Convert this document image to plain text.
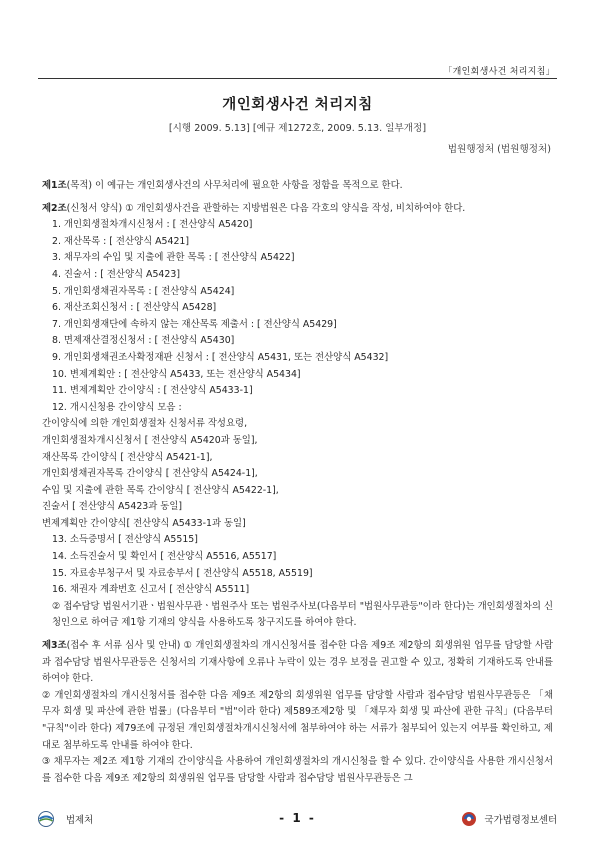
「개인회생사건 처리지침」
개인회생사건 처리지침
[시행 2009. 5.13] [예규 제1272호, 2009. 5.13. 일부개정]
법원행정처 (법원행정처)
제1조(목적) 이 예규는 개인회생사건의 사무처리에 필요한 사항을 정함을 목적으로 한다.
제2조(신청서 양식) ① 개인회생사건을 관할하는 지방법원은 다음 각호의 양식을 작성, 비치하여야 한다.
1. 개인회생절차개시신청서 : [ 전산양식 A5420]
2. 재산목록 : [ 전산양식 A5421]
3. 채무자의 수입 및 지출에 관한 목록 : [ 전산양식 A5422]
4. 진술서 : [ 전산양식 A5423]
5. 개인회생채권자목록 : [ 전산양식 A5424]
6. 재산조회신청서 : [ 전산양식 A5428]
7. 개인회생재단에 속하지 않는 재산목록 제출서 : [ 전산양식 A5429]
8. 면제재산결정신청서 : [ 전산양식 A5430]
9. 개인회생채권조사확정재판 신청서 : [ 전산양식 A5431, 또는 전산양식 A5432]
10. 변제계획안 : [ 전산양식 A5433, 또는 전산양식 A5434]
11. 변제계획안 간이양식 : [ 전산양식 A5433-1]
12. 개시신청용 간이양식 모음 :
간이양식에 의한 개인회생절차 신청서류 작성요령,
개인회생절차개시신청서 [ 전산양식 A5420과 동일],
재산목록 간이양식 [ 전산양식 A5421-1],
개인회생채권자목록 간이양식 [ 전산양식 A5424-1],
수입 및 지출에 관한 목록 간이양식 [ 전산양식 A5422-1],
진술서 [ 전산양식 A5423과 동일]
변제계획안 간이양식[ 전산양식 A5433-1과 동일]
13. 소득증명서 [ 전산양식 A5515]
14. 소득진술서 및 확인서 [ 전산양식 A5516, A5517]
15. 자료송부청구서 및 자료송부서 [ 전산양식 A5518, A5519]
16. 채권자 계좌번호 신고서 [ 전산양식 A5511]
② 접수담당 법원서기관ㆍ법원사무관ㆍ법원주사 또는 법원주사보(다음부터 "법원사무관등"이라 한다)는 개인회생절차의 신청인으로 하여금 제1항 기재의 양식을 사용하도록 창구지도를 하여야 한다.
제3조(접수 후 서류 심사 및 안내) ① 개인회생절차의 개시신청서를 접수한 다음 제9조 제2항의 회생위원 업무를 담당할 사람과 접수담당 법원사무관등은 신청서의 기재사항에 오류나 누락이 있는 경우 보정을 권고할 수 있고, 정확히 기재하도록 안내를 하여야 한다.
② 개인회생절차의 개시신청서를 접수한 다음 제9조 제2항의 회생위원 업무를 담당할 사람과 접수담당 법원사무관등은 「채무자 회생 및 파산에 관한 법률」(다음부터 "법"이라 한다) 제589조제2항 및 「채무자 회생 및 파산에 관한 규칙」(다음부터 "규칙"이라 한다) 제79조에 규정된 개인회생절차개시신청서에 첨부하여야 하는 서류가 첨부되어 있는지 여부를 확인하고, 제대로 첨부하도록 안내를 하여야 한다.
③ 채무자는 제2조 제1항 기재의 간이양식을 사용하여 개인회생절차의 개시신청을 할 수 있다. 간이양식을 사용한 개시신청서를 접수한 다음 제9조 제2항의 회생위원 업무를 담당할 사람과 접수담당 법원사무관등은 그
법제처	- 1 -	국가법령정보센터
